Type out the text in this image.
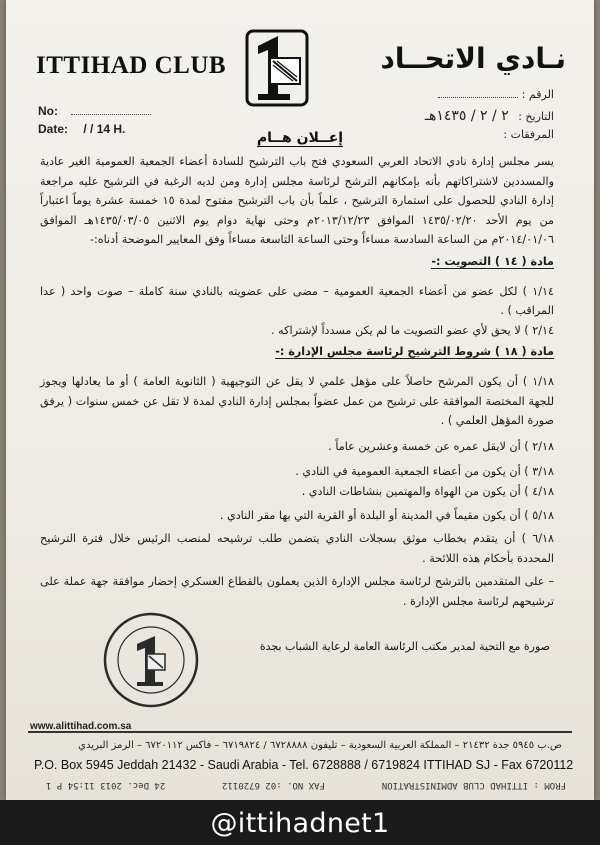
ITTIHAD CLUB	نـادي الاتحــاد
No:
Date: / / 14 H.
الرقم :
التاريخ : ٢ / ٢ / ١٤٣٥هـ
المرفقات :
إعــلان هــام

يسر مجلس إدارة نادي الاتحاد العربي السعودي فتح باب الترشيح للسادة أعضاء الجمعية العمومية الغير عادية والمسددين لاشتراكاتهم بأنه بإمكانهم الترشح لرئاسة مجلس إدارة ومن لديه الرغبة في الترشيح عليه مراجعة إدارة النادي للحصول على استمارة الترشيح ، علماً بأن باب الترشيح مفتوح لمدة ١٥ خمسة عشرة يوماً اعتباراً من يوم الأحد ١٤٣٥/٠٢/٢٠ الموافق ٢٠١٣/١٢/٢٣م وحتى نهاية دوام يوم الاثنين ١٤٣٥/٠٣/٠٥هـ الموافق ٢٠١٤/٠١/٠٦م من الساعة السادسة مساءاً وحتى الساعة التاسعة مساءاً وفق المعايير الموضحة أدناه:-

مادة ( ١٤ ) التصويت :-

١/١٤ ) لكل عضو من أعضاء الجمعية العمومية – مضى على عضويته بالنادي سنة كاملة – صوت واحد ( عدا المراقب ) .

٢/١٤ ) لا يحق لأي عضو التصويت ما لم يكن مسدداً لإشتراكه .

مادة ( ١٨ ) شروط الترشيح لرئاسة مجلس الإدارة :-

١/١٨ ) أن يكون المرشح حاصلاً على مؤهل علمي لا يقل عن التوجيهية ( الثانوية العامة ) أو ما يعادلها ويجوز للجهة المختصة الموافقة على ترشيح من عمل عضواً بمجلس إدارة النادي لمدة لا تقل عن خمس سنوات ( يرفق صورة المؤهل العلمي ) .

٢/١٨ ) أن لايقل عمره عن خمسة وعشرين عاماً .

٣/١٨ ) أن يكون من أعضاء الجمعية العمومية في النادي .

٤/١٨ ) أن يكون من الهواة والمهتمين بنشاطات النادي .

٥/١٨ ) أن يكون مقيماً في المدينة أو البلدة أو القرية التي بها مقر النادي .

٦/١٨ ) أن يتقدم بخطاب موثق بسجلات النادي يتضمن طلب ترشيحه لمنصب الرئيس خلال فترة الترشيح المحددة بأحكام هذه اللائحة .

– على المتقدمين بالترشح لرئاسة مجلس الإدارة الذين يعملون بالقطاع العسكري إحضار موافقة جهة عملة على ترشيحهم لرئاسة مجلس الإدارة .

صورة مع التحية لمدير مكتب الرئاسة العامة لرعاية الشباب بجدة
www.alittihad.com.sa
ص.ب ٥٩٤٥ جدة ٢١٤٣٢ – المملكة العربية السعودية – تليفون ٦٧٢٨٨٨٨ / ٦٧١٩٨٢٤ – فاكس ٦٧٢٠١١٢ – الرمز البريدي
P.O. Box 5945 Jeddah 21432 - Saudi Arabia - Tel. 6728888 / 6719824 ITTIHAD SJ - Fax 6720112
FROM : ITTIHAD CLUB ADMINISTRATION
FAX NO. :02 6720112
24 Dec. 2013 11:54 P 1
@ittihadnet1
